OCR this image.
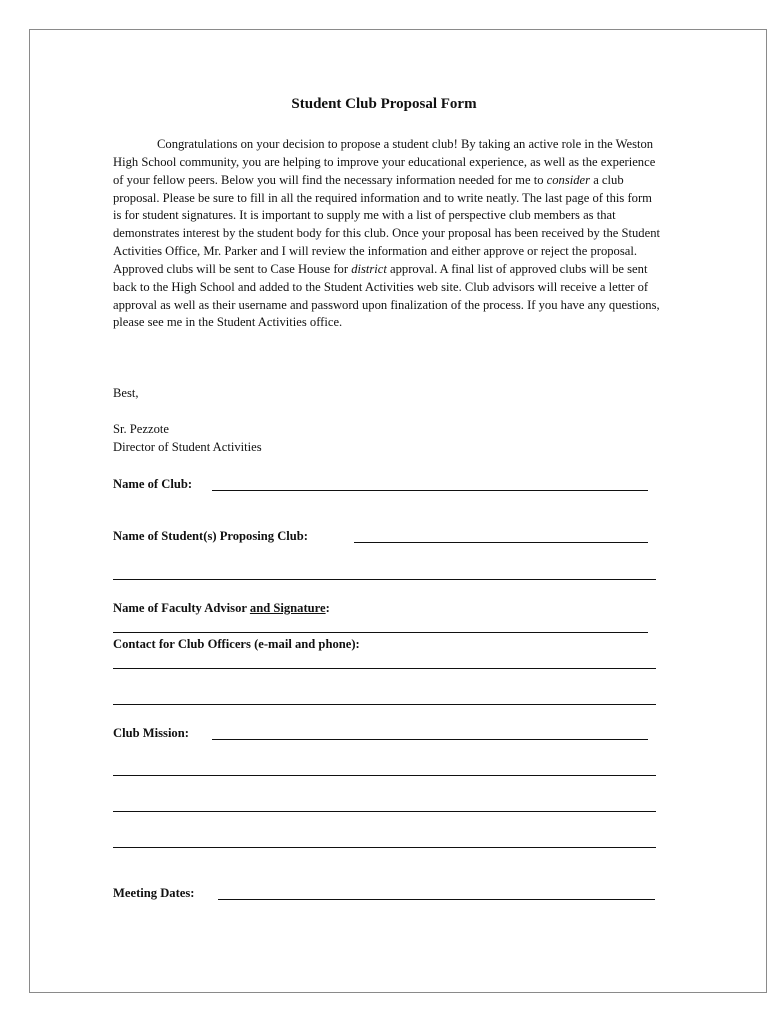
Student Club Proposal Form

Congratulations on your decision to propose a student club! By taking an active role in the Weston High School community, you are helping to improve your educational experience, as well as the experience of your fellow peers. Below you will find the necessary information needed for me to consider a club proposal. Please be sure to fill in all the required information and to write neatly. The last page of this form is for student signatures. It is important to supply me with a list of perspective club members as that demonstrates interest by the student body for this club. Once your proposal has been received by the Student Activities Office, Mr. Parker and I will review the information and either approve or reject the proposal. Approved clubs will be sent to Case House for district approval. A final list of approved clubs will be sent back to the High School and added to the Student Activities web site. Club advisors will receive a letter of approval as well as their username and password upon finalization of the process. If you have any questions, please see me in the Student Activities office.

Best,
Sr. Pezzote
Director of Student Activities
Name of Club:
Name of Student(s) Proposing Club:
Name of Faculty Advisor and Signature:
Contact for Club Officers (e-mail and phone):
Club Mission:
Meeting Dates:
